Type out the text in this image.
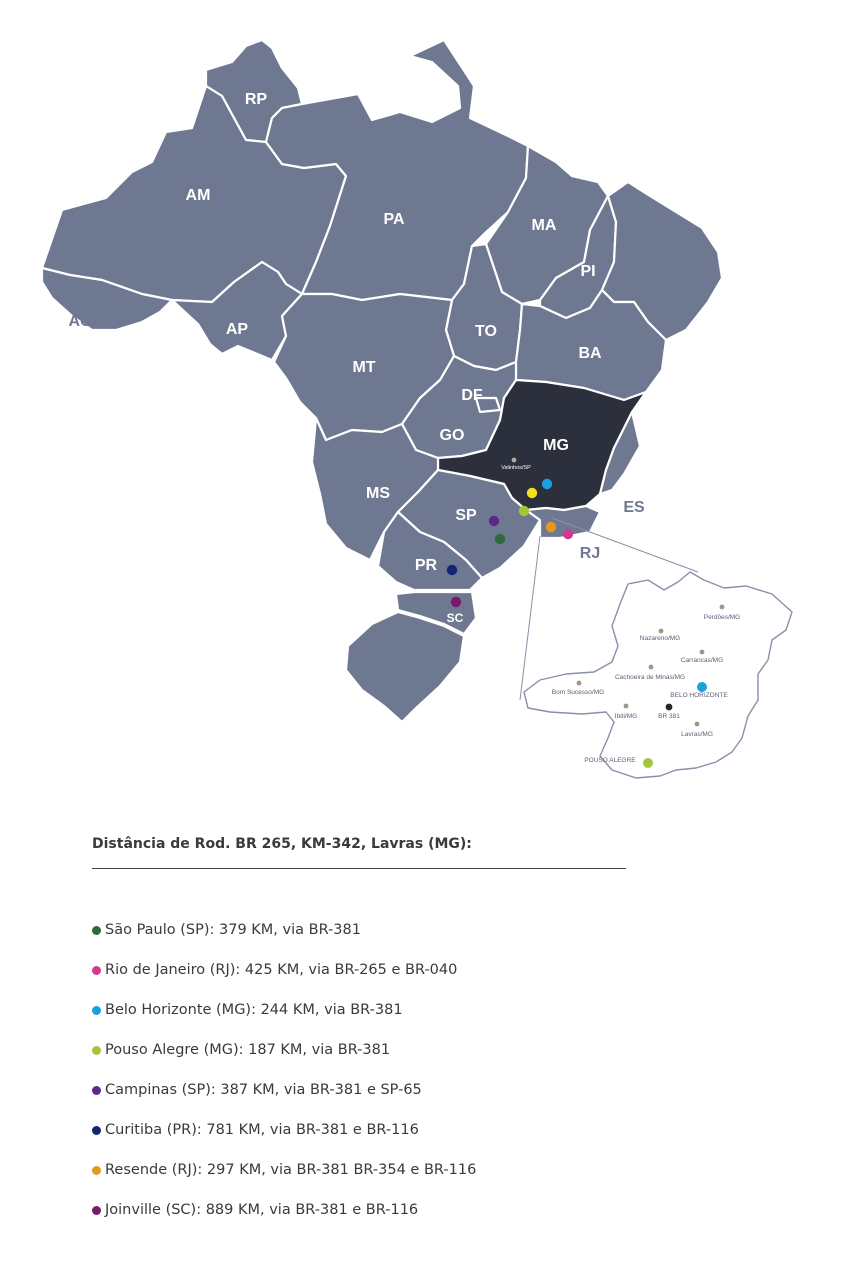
RP
AM
PA	MA
PI
AC	AP	TO
BA
MT
DF
GO
MG
MS
ES
SP
RJ
PR
SC
Valinhos/SP
Perdões/MG
Nazareno/MG
Carrancas/MG
Cachoeira de Minas/MG
Bom Sucesso/MG	BELO HORIZONTE
Ibiti/MG	BR 381
Lavras/MG
POUSO ALEGRE

Distância de Rod. BR 265, KM-342, Lavras (MG):

São Paulo (SP): 379 KM, via BR-381
Rio de Janeiro (RJ): 425 KM, via BR-265 e BR-040
Belo Horizonte (MG): 244 KM, via BR-381
Pouso Alegre (MG): 187 KM, via BR-381
Campinas (SP): 387 KM, via BR-381 e SP-65
Curitiba (PR): 781 KM, via BR-381 e BR-116
Resende (RJ): 297 KM, via BR-381 BR-354 e BR-116
Joinville (SC): 889 KM, via BR-381 e BR-116
